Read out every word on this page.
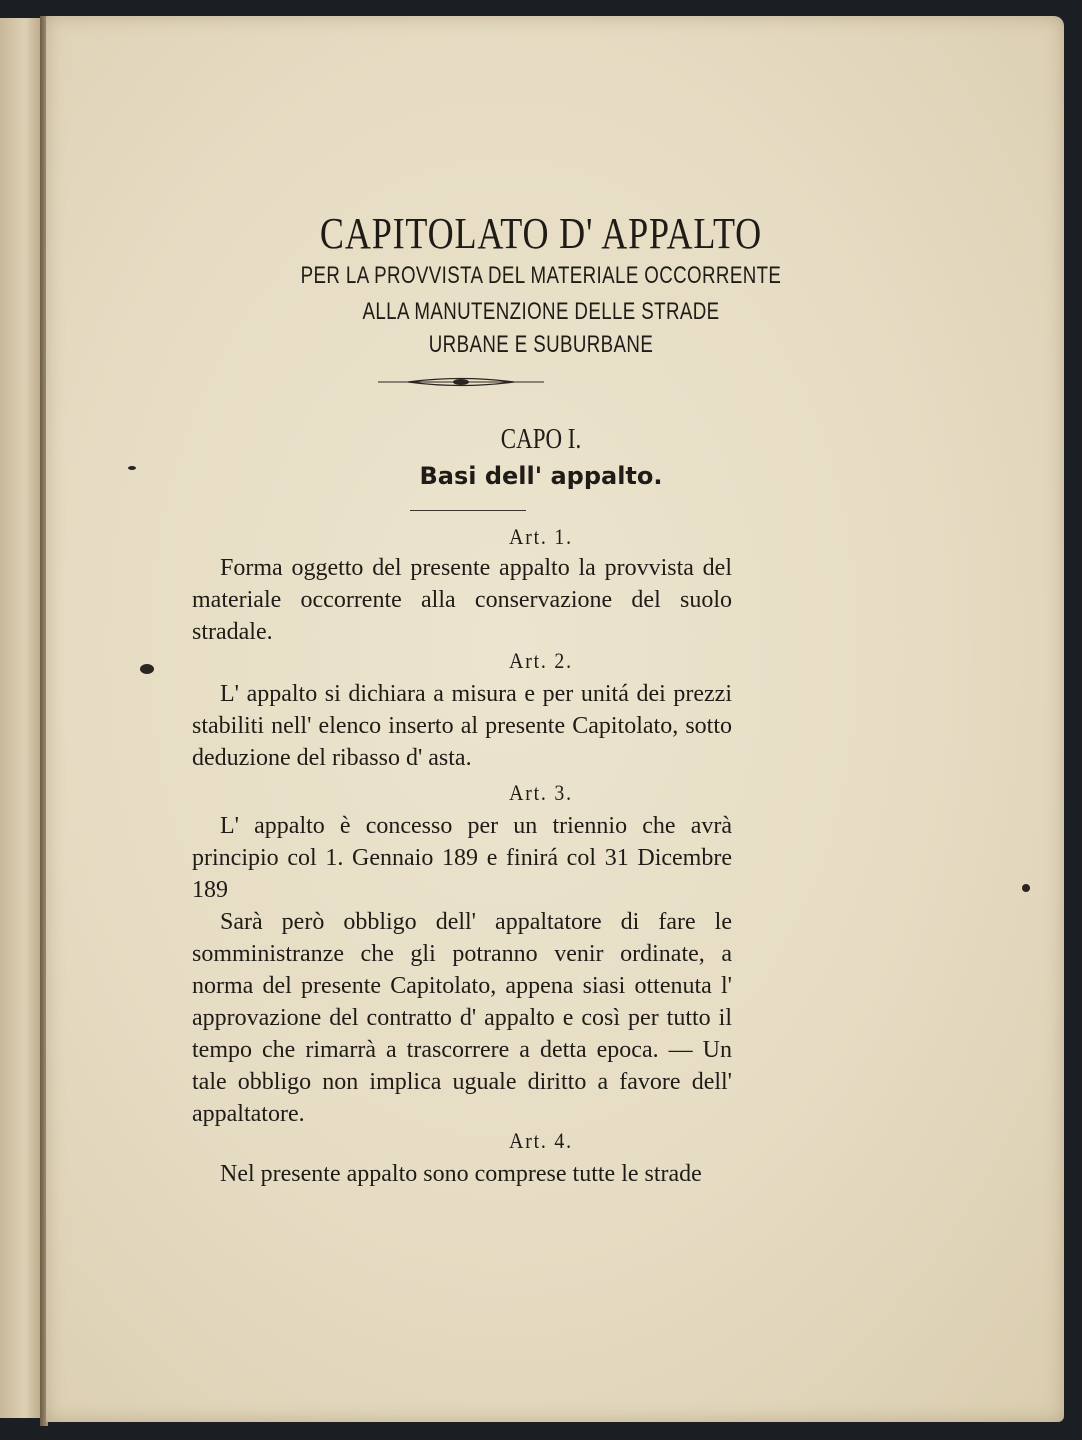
CAPITOLATO D' APPALTO
PER LA PROVVISTA DEL MATERIALE OCCORRENTE
ALLA MANUTENZIONE DELLE STRADE
URBANE E SUBURBANE
CAPO I.
Basi dell' appalto.
Art. 1.
Forma oggetto del presente appalto la provvista del materiale occorrente alla conservazione del suolo stradale.
Art. 2.
L' appalto si dichiara a misura e per unitá dei prezzi stabiliti nell' elenco inserto al presente Capitolato, sotto deduzione del ribasso d' asta.
Art. 3.
L' appalto è concesso per un triennio che avrà principio col 1. Gennaio 189 e finirá col 31 Dicembre 189
Sarà però obbligo dell' appaltatore di fare le somministranze che gli potranno venir ordinate, a norma del presente Capitolato, appena siasi ottenuta l' approvazione del contratto d' appalto e così per tutto il tempo che rimarrà a trascorrere a detta epoca. — Un tale obbligo non implica uguale diritto a favore dell' appaltatore.
Art. 4.
Nel presente appalto sono comprese tutte le strade
